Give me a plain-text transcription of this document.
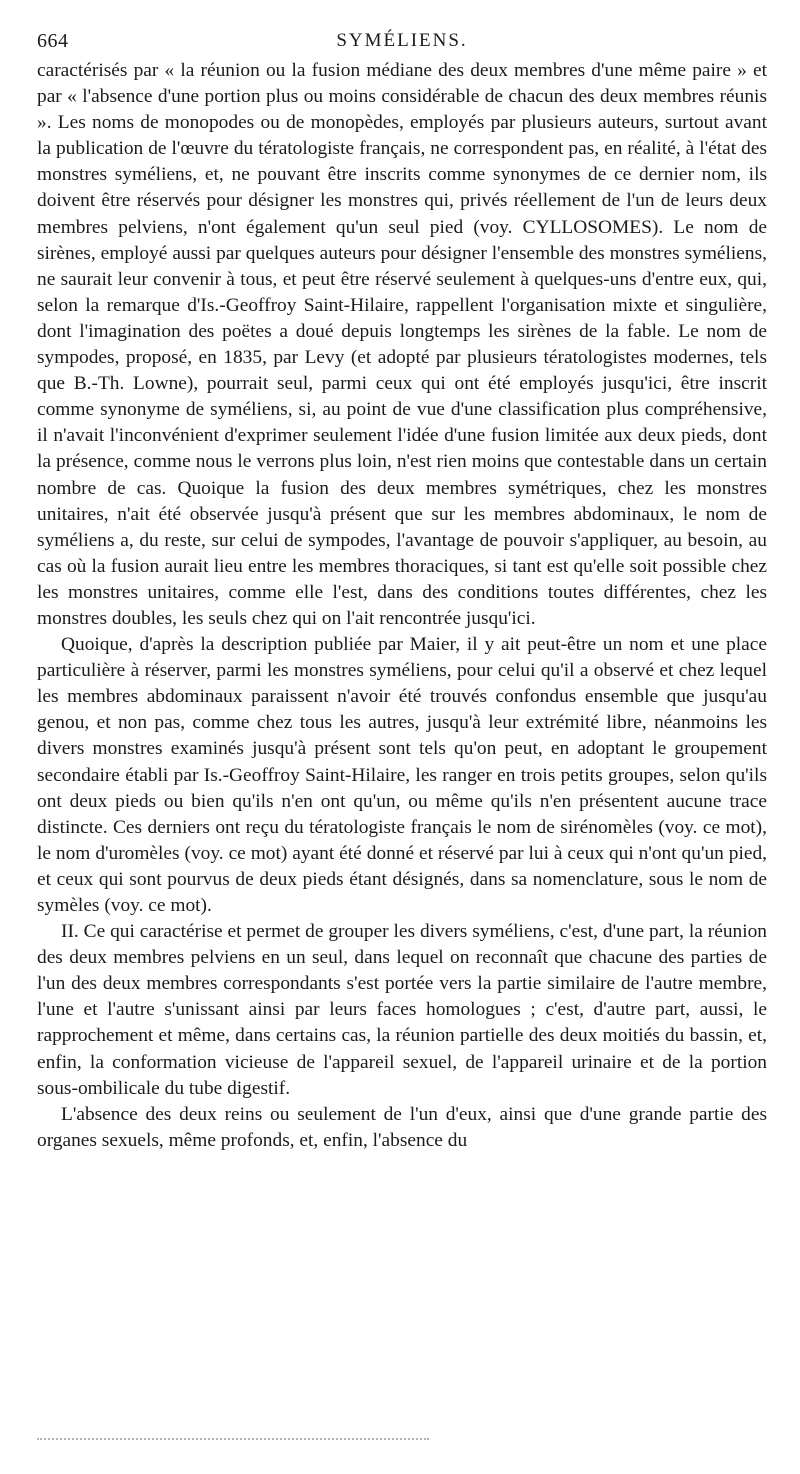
664	SYMÉLIENS.

caractérisés par « la réunion ou la fusion médiane des deux membres d'une même paire » et par « l'absence d'une portion plus ou moins considérable de chacun des deux membres réunis ». Les noms de monopodes ou de monopèdes, employés par plusieurs auteurs, surtout avant la publication de l'œuvre du tératologiste français, ne correspondent pas, en réalité, à l'état des monstres syméliens, et, ne pouvant être inscrits comme synonymes de ce dernier nom, ils doivent être réservés pour désigner les monstres qui, privés réellement de l'un de leurs deux membres pelviens, n'ont également qu'un seul pied (voy. CYLLOSOMES). Le nom de sirènes, employé aussi par quelques auteurs pour désigner l'ensemble des monstres syméliens, ne saurait leur convenir à tous, et peut être réservé seulement à quelques-uns d'entre eux, qui, selon la remarque d'Is.-Geoffroy Saint-Hilaire, rappellent l'organisation mixte et singulière, dont l'imagination des poëtes a doué depuis longtemps les sirènes de la fable. Le nom de sympodes, proposé, en 1835, par Levy (et adopté par plusieurs tératologistes modernes, tels que B.-Th. Lowne), pourrait seul, parmi ceux qui ont été employés jusqu'ici, être inscrit comme synonyme de syméliens, si, au point de vue d'une classification plus compréhensive, il n'avait l'inconvénient d'exprimer seulement l'idée d'une fusion limitée aux deux pieds, dont la présence, comme nous le verrons plus loin, n'est rien moins que contestable dans un certain nombre de cas. Quoique la fusion des deux membres symétriques, chez les monstres unitaires, n'ait été observée jusqu'à présent que sur les membres abdominaux, le nom de syméliens a, du reste, sur celui de sympodes, l'avantage de pouvoir s'appliquer, au besoin, au cas où la fusion aurait lieu entre les membres thoraciques, si tant est qu'elle soit possible chez les monstres unitaires, comme elle l'est, dans des conditions toutes différentes, chez les monstres doubles, les seuls chez qui on l'ait rencontrée jusqu'ici.

Quoique, d'après la description publiée par Maier, il y ait peut-être un nom et une place particulière à réserver, parmi les monstres syméliens, pour celui qu'il a observé et chez lequel les membres abdominaux paraissent n'avoir été trouvés confondus ensemble que jusqu'au genou, et non pas, comme chez tous les autres, jusqu'à leur extrémité libre, néanmoins les divers monstres examinés jusqu'à présent sont tels qu'on peut, en adoptant le groupement secondaire établi par Is.-Geoffroy Saint-Hilaire, les ranger en trois petits groupes, selon qu'ils ont deux pieds ou bien qu'ils n'en ont qu'un, ou même qu'ils n'en présentent aucune trace distincte. Ces derniers ont reçu du tératologiste français le nom de sirénomèles (voy. ce mot), le nom d'uromèles (voy. ce mot) ayant été donné et réservé par lui à ceux qui n'ont qu'un pied, et ceux qui sont pourvus de deux pieds étant désignés, dans sa nomenclature, sous le nom de symèles (voy. ce mot).

II. Ce qui caractérise et permet de grouper les divers syméliens, c'est, d'une part, la réunion des deux membres pelviens en un seul, dans lequel on reconnaît que chacune des parties de l'un des deux membres correspondants s'est portée vers la partie similaire de l'autre membre, l'une et l'autre s'unissant ainsi par leurs faces homologues ; c'est, d'autre part, aussi, le rapprochement et même, dans certains cas, la réunion partielle des deux moitiés du bassin, et, enfin, la conformation vicieuse de l'appareil sexuel, de l'appareil urinaire et de la portion sous-ombilicale du tube digestif.

L'absence des deux reins ou seulement de l'un d'eux, ainsi que d'une grande partie des organes sexuels, même profonds, et, enfin, l'absence du
